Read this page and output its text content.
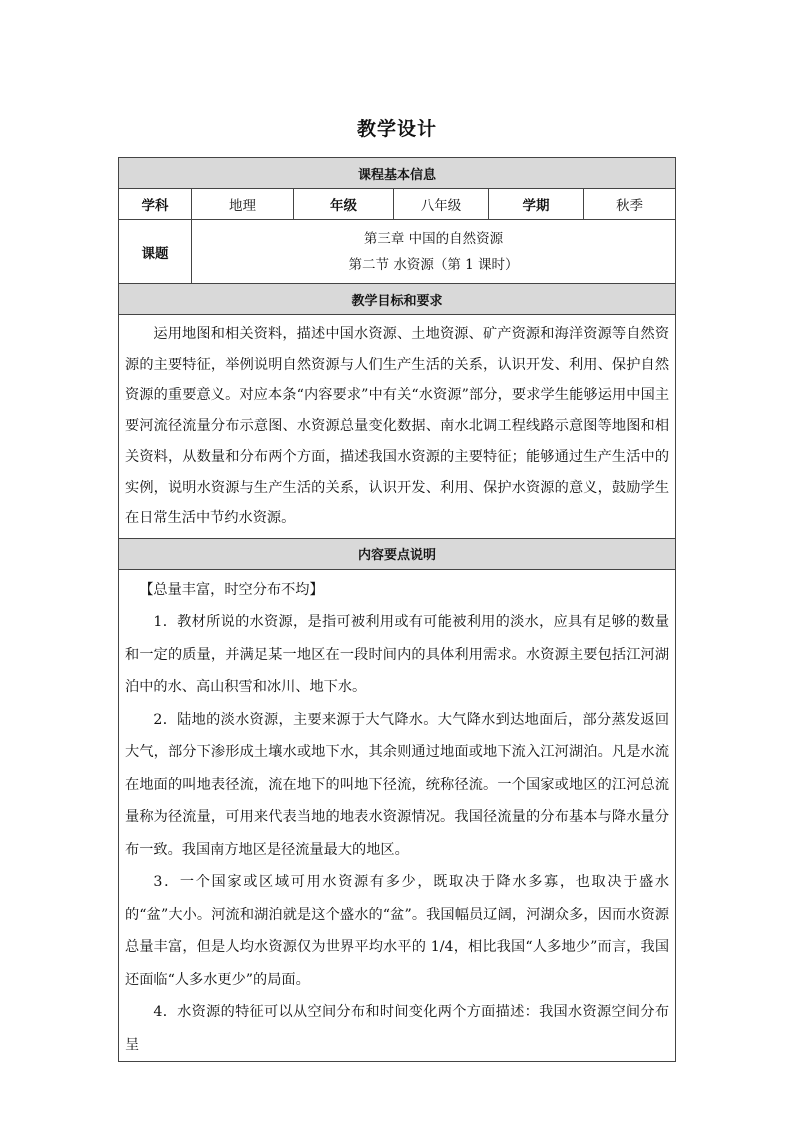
教学设计
课程基本信息					
学科	地理	年级	八年级	学期	秋季
课题	第三章 中国的自然资源
第二节 水资源（第 1 课时）				

教学目标和要求					

运用地图和相关资料，描述中国水资源、土地资源、矿产资源和海洋资源等自然资源的主要特征，举例说明自然资源与人们生产生活的关系，认识开发、利用、保护自然资源的重要意义。对应本条“内容要求”中有关“水资源”部分，要求学生能够运用中国主要河流径流量分布示意图、水资源总量变化数据、南水北调工程线路示意图等地图和相关资料，从数量和分布两个方面，描述我国水资源的主要特征；能够通过生产生活中的实例，说明水资源与生产生活的关系，认识开发、利用、保护水资源的意义，鼓励学生在日常生活中节约水资源。					

内容要点说明					

【总量丰富，时空分布不均】

1．教材所说的水资源，是指可被利用或有可能被利用的淡水，应具有足够的数量和一定的质量，并满足某一地区在一段时间内的具体利用需求。水资源主要包括江河湖泊中的水、高山积雪和冰川、地下水。

2．陆地的淡水资源，主要来源于大气降水。大气降水到达地面后，部分蒸发返回大气，部分下渗形成土壤水或地下水，其余则通过地面或地下流入江河湖泊。凡是水流在地面的叫地表径流，流在地下的叫地下径流，统称径流。一个国家或地区的江河总流量称为径流量，可用来代表当地的地表水资源情况。我国径流量的分布基本与降水量分布一致。我国南方地区是径流量最大的地区。

3．一个国家或区域可用水资源有多少，既取决于降水多寡，也取决于盛水的“盆”大小。河流和湖泊就是这个盛水的“盆”。我国幅员辽阔，河湖众多，因而水资源总量丰富，但是人均水资源仅为世界平均水平的 1/4，相比我国“人多地少”而言，我国还面临“人多水更少”的局面。

4．水资源的特征可以从空间分布和时间变化两个方面描述：我国水资源空间分布呈					
